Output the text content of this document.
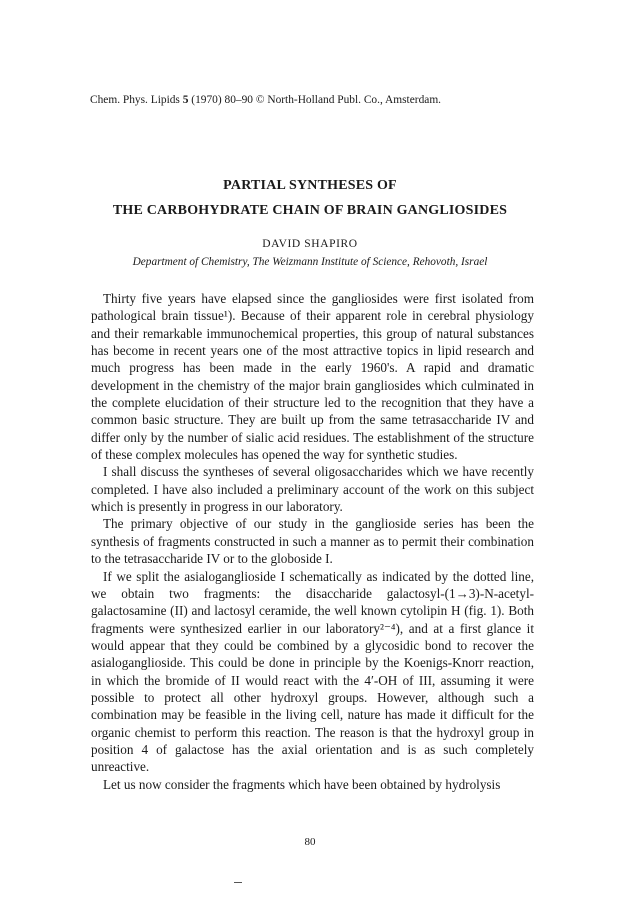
Chem. Phys. Lipids 5 (1970) 80–90 © North-Holland Publ. Co., Amsterdam.
PARTIAL SYNTHESES OF
THE CARBOHYDRATE CHAIN OF BRAIN GANGLIOSIDES
DAVID SHAPIRO
Department of Chemistry, The Weizmann Institute of Science, Rehovoth, Israel

Thirty five years have elapsed since the gangliosides were first isolated from pathological brain tissue¹). Because of their apparent role in cerebral physiology and their remarkable immunochemical properties, this group of natural substances has become in recent years one of the most attractive topics in lipid research and much progress has been made in the early 1960's. A rapid and dramatic development in the chemistry of the major brain gangliosides which culminated in the complete elucidation of their structure led to the recognition that they have a common basic structure. They are built up from the same tetrasaccharide IV and differ only by the number of sialic acid residues. The establishment of the structure of these complex molecules has opened the way for synthetic studies.

I shall discuss the syntheses of several oligosaccharides which we have recently completed. I have also included a preliminary account of the work on this subject which is presently in progress in our laboratory.

The primary objective of our study in the ganglioside series has been the synthesis of fragments constructed in such a manner as to permit their combination to the tetrasaccharide IV or to the globoside I.

If we split the asialoganglioside I schematically as indicated by the dotted line, we obtain two fragments: the disaccharide galactosyl-(1→3)-N-acetyl-galactosamine (II) and lactosyl ceramide, the well known cytolipin H (fig. 1). Both fragments were synthesized earlier in our laboratory²⁻⁴), and at a first glance it would appear that they could be combined by a glycosidic bond to recover the asialoganglioside. This could be done in principle by the Koenigs-Knorr reaction, in which the bromide of II would react with the 4′-OH of III, assuming it were possible to protect all other hydroxyl groups. However, although such a combination may be feasible in the living cell, nature has made it difficult for the organic chemist to perform this reaction. The reason is that the hydroxyl group in position 4 of galactose has the axial orientation and is as such completely unreactive.

Let us now consider the fragments which have been obtained by hydrolysis

80
